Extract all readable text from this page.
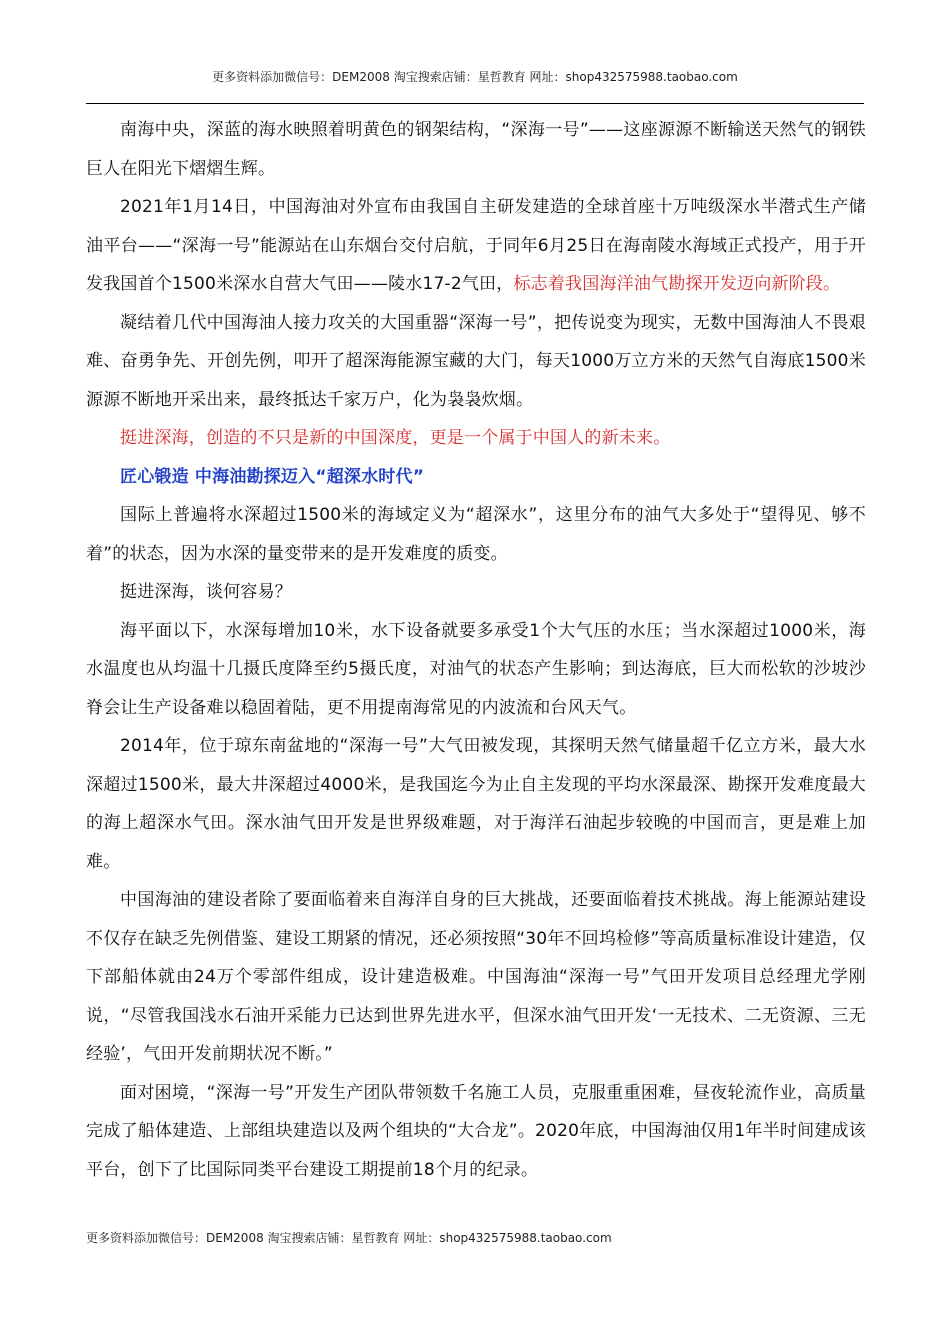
更多资料添加微信号：DEM2008 淘宝搜索店铺：星哲教育 网址：shop432575988.taobao.com

南海中央，深蓝的海水映照着明黄色的钢架结构，“深海一号”——这座源源不断输送天然气的钢铁巨人在阳光下熠熠生辉。

2021年1月14日，中国海油对外宣布由我国自主研发建造的全球首座十万吨级深水半潜式生产储油平台——“深海一号”能源站在山东烟台交付启航，于同年6月25日在海南陵水海域正式投产，用于开发我国首个1500米深水自营大气田——陵水17-2气田，标志着我国海洋油气勘探开发迈向新阶段。

凝结着几代中国海油人接力攻关的大国重器“深海一号”，把传说变为现实，无数中国海油人不畏艰难、奋勇争先、开创先例，叩开了超深海能源宝藏的大门，每天1000万立方米的天然气自海底1500米源源不断地开采出来，最终抵达千家万户，化为袅袅炊烟。

挺进深海，创造的不只是新的中国深度，更是一个属于中国人的新未来。

匠心锻造 中海油勘探迈入“超深水时代”

国际上普遍将水深超过1500米的海域定义为“超深水”，这里分布的油气大多处于“望得见、够不着”的状态，因为水深的量变带来的是开发难度的质变。

挺进深海，谈何容易？

海平面以下，水深每增加10米，水下设备就要多承受1个大气压的水压；当水深超过1000米，海水温度也从均温十几摄氏度降至约5摄氏度，对油气的状态产生影响；到达海底，巨大而松软的沙坡沙脊会让生产设备难以稳固着陆，更不用提南海常见的内波流和台风天气。

2014年，位于琼东南盆地的“深海一号”大气田被发现，其探明天然气储量超千亿立方米，最大水深超过1500米，最大井深超过4000米，是我国迄今为止自主发现的平均水深最深、勘探开发难度最大的海上超深水气田。深水油气田开发是世界级难题，对于海洋石油起步较晚的中国而言，更是难上加难。

中国海油的建设者除了要面临着来自海洋自身的巨大挑战，还要面临着技术挑战。海上能源站建设不仅存在缺乏先例借鉴、建设工期紧的情况，还必须按照“30年不回坞检修”等高质量标准设计建造，仅下部船体就由24万个零部件组成，设计建造极难。中国海油“深海一号”气田开发项目总经理尤学刚说，“尽管我国浅水石油开采能力已达到世界先进水平，但深水油气田开发‘一无技术、二无资源、三无经验’，气田开发前期状况不断。”

面对困境，“深海一号”开发生产团队带领数千名施工人员，克服重重困难，昼夜轮流作业，高质量完成了船体建造、上部组块建造以及两个组块的“大合龙”。2020年底，中国海油仅用1年半时间建成该平台，创下了比国际同类平台建设工期提前18个月的纪录。

更多资料添加微信号：DEM2008 淘宝搜索店铺：星哲教育 网址：shop432575988.taobao.com
